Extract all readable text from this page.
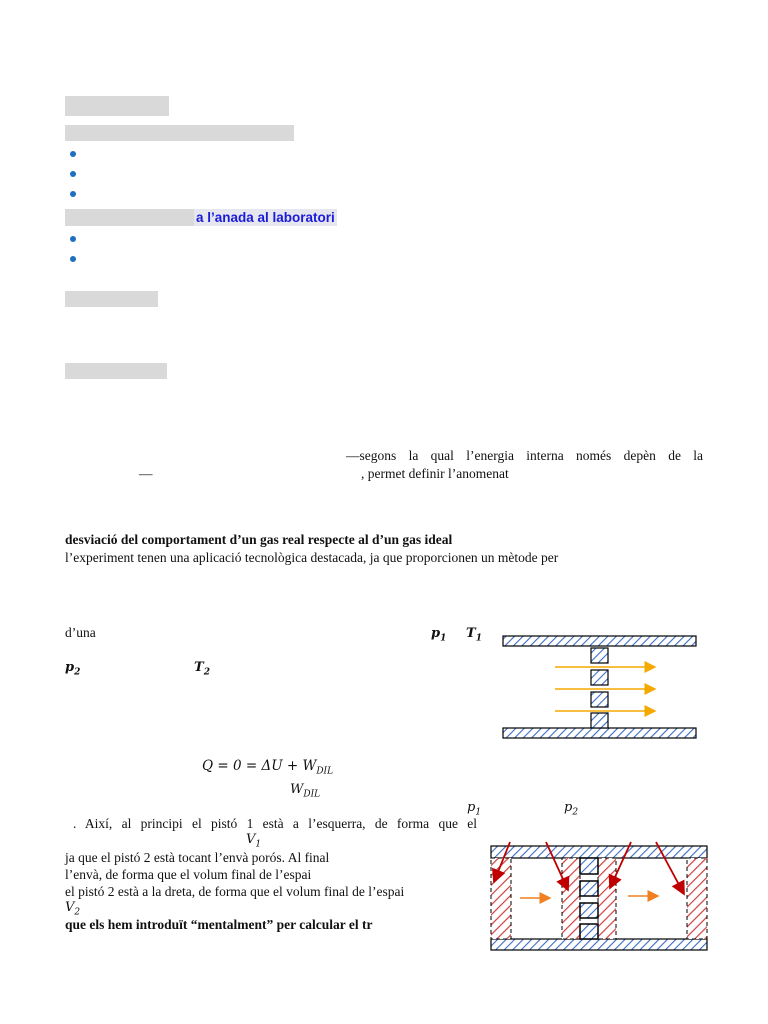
a l’anada al laboratori
—segons la qual l’energia interna només depèn de la
—	, permet definir l’anomenat
desviació del comportament d’un gas real respecte al d’un gas ideal
l’experiment tenen una aplicació tecnològica destacada, ja que proporcionen un mètode per
d’una	$p_1$ $T_1$
$p_2$	$T_2$
$Q = 0 = \Delta U + W_{DIL}$
$W_{DIL}$
$p_1$	$p_2$
. Així, al principi el pistó 1 està a l’esquerra, de forma que el
$V_1$
ja que el pistó 2 està tocant l’envà porós. Al final
l’envà, de forma que el volum final de l’espai
el pistó 2 està a la dreta, de forma que el volum final de l’espai
$V_2$
que els hem introduït “mentalment” per calcular el tr
